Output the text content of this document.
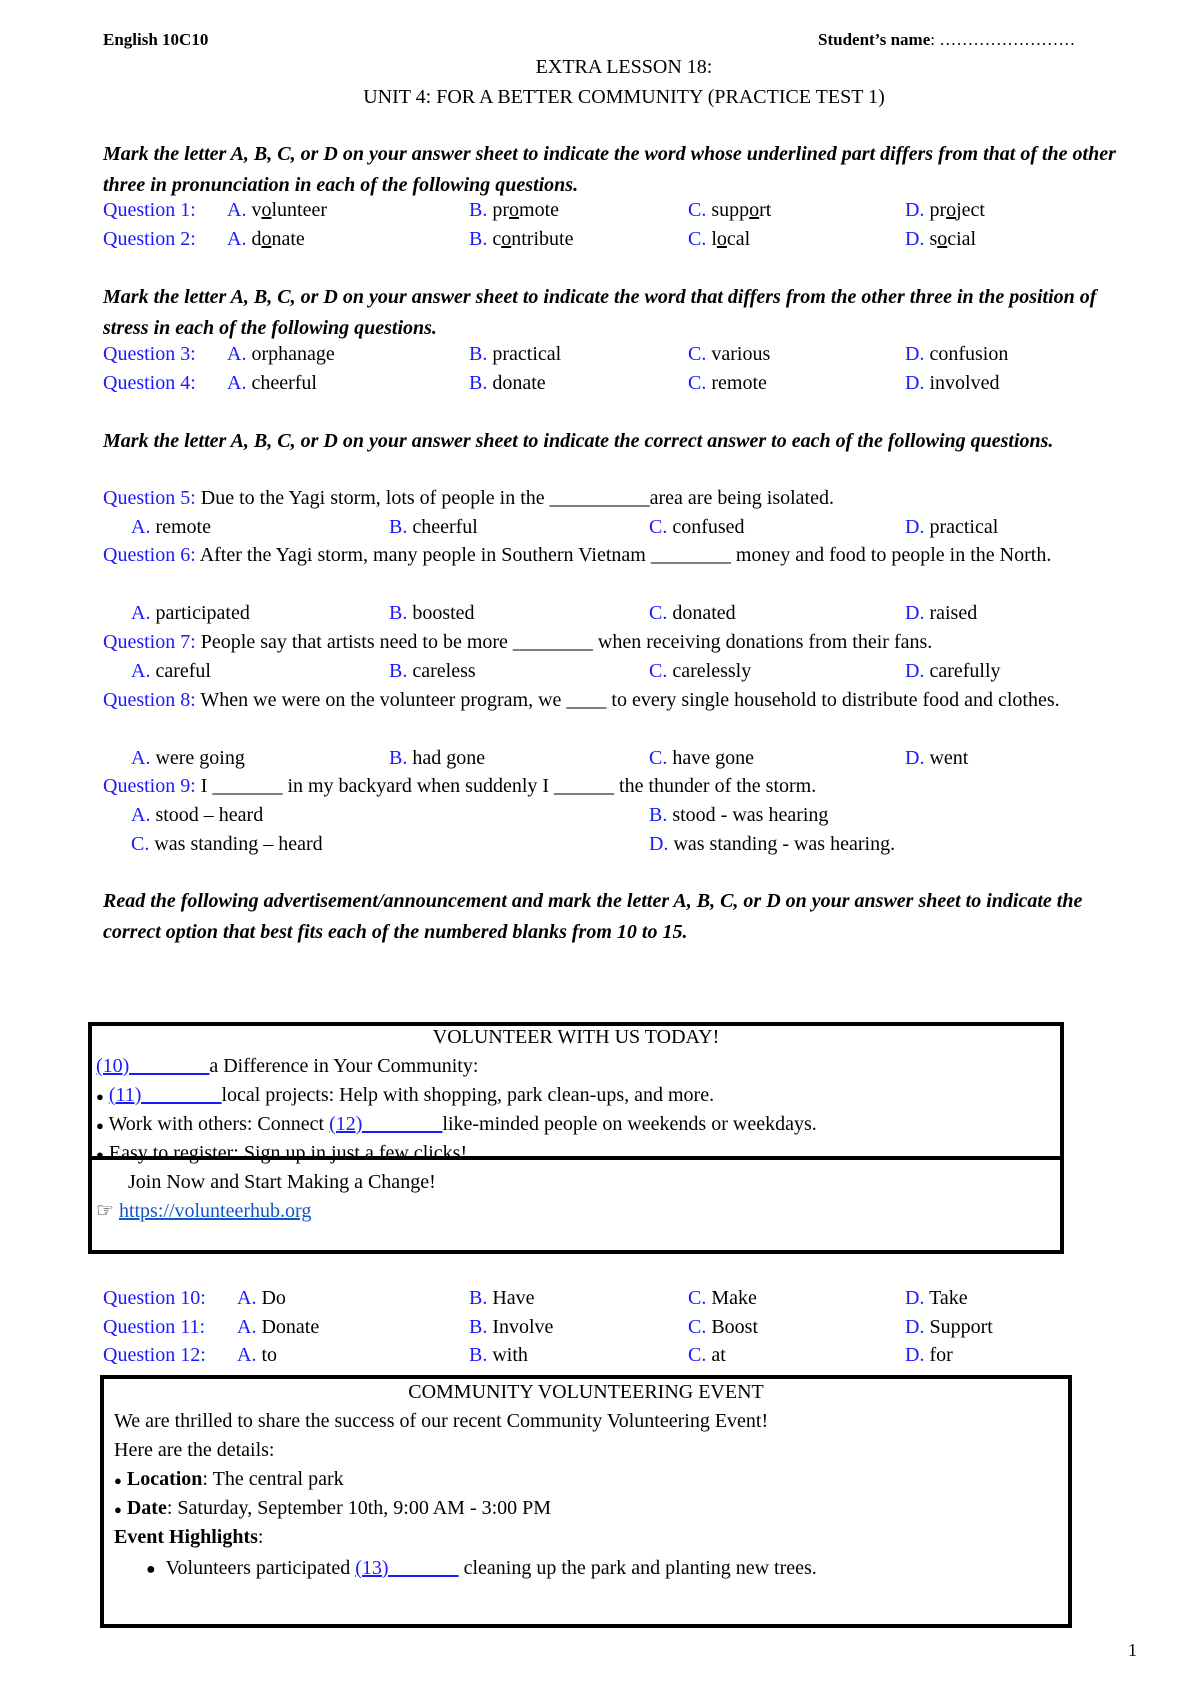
English 10C10	Student’s name: ……………………
EXTRA LESSON 18:
UNIT 4: FOR A BETTER COMMUNITY (PRACTICE TEST 1)
Mark the letter A, B, C, or D on your answer sheet to indicate the word whose underlined part differs from that of the other three in pronunciation in each of the following questions.
Question 1: A. volunteer	B. promote	C. support	D. project
Question 2: A. donate	B. contribute	C. local	D. social
Mark the letter A, B, C, or D on your answer sheet to indicate the word that differs from the other three in the position of stress in each of the following questions.
Question 3: A. orphanage	B. practical	C. various	D. confusion
Question 4: A. cheerful	B. donate	C. remote	D. involved
Mark the letter A, B, C, or D on your answer sheet to indicate the correct answer to each of the following questions.
Question 5: Due to the Yagi storm, lots of people in the __________area are being isolated.
A. remote	B. cheerful	C. confused	D. practical
Question 6: After the Yagi storm, many people in Southern Vietnam ________ money and food to people in the North.
A. participated	B. boosted	C. donated	D. raised
Question 7: People say that artists need to be more ________ when receiving donations from their fans.
A. careful	B. careless	C. carelessly	D. carefully
Question 8: When we were on the volunteer program, we ____ to every single household to distribute food and clothes.
A. were going	B. had gone	C. have gone	D. went
Question 9: I _______ in my backyard when suddenly I ______ the thunder of the storm.
A. stood – heard	B. stood - was hearing
C. was standing – heard	D. was standing - was hearing.
Read the following advertisement/announcement and mark the letter A, B, C, or D on your answer sheet to indicate the correct option that best fits each of the numbered blanks from 10 to 15.
VOLUNTEER WITH US TODAY!
(10)________a Difference in Your Community:
● (11)________local projects: Help with shopping, park clean-ups, and more.
● Work with others: Connect (12)________like-minded people on weekends or weekdays.
● Easy to register: Sign up in just a few clicks!
Join Now and Start Making a Change!
☞ https://volunteerhub.org
Question 10: A. Do	B. Have	C. Make	D. Take
Question 11: A. Donate	B. Involve	C. Boost	D. Support
Question 12: A. to	B. with	C. at	D. for
COMMUNITY VOLUNTEERING EVENT
We are thrilled to share the success of our recent Community Volunteering Event!
Here are the details:
● Location: The central park
● Date: Saturday, September 10th, 9:00 AM - 3:00 PM
Event Highlights:
● Volunteers participated (13)_______ cleaning up the park and planting new trees.
1
